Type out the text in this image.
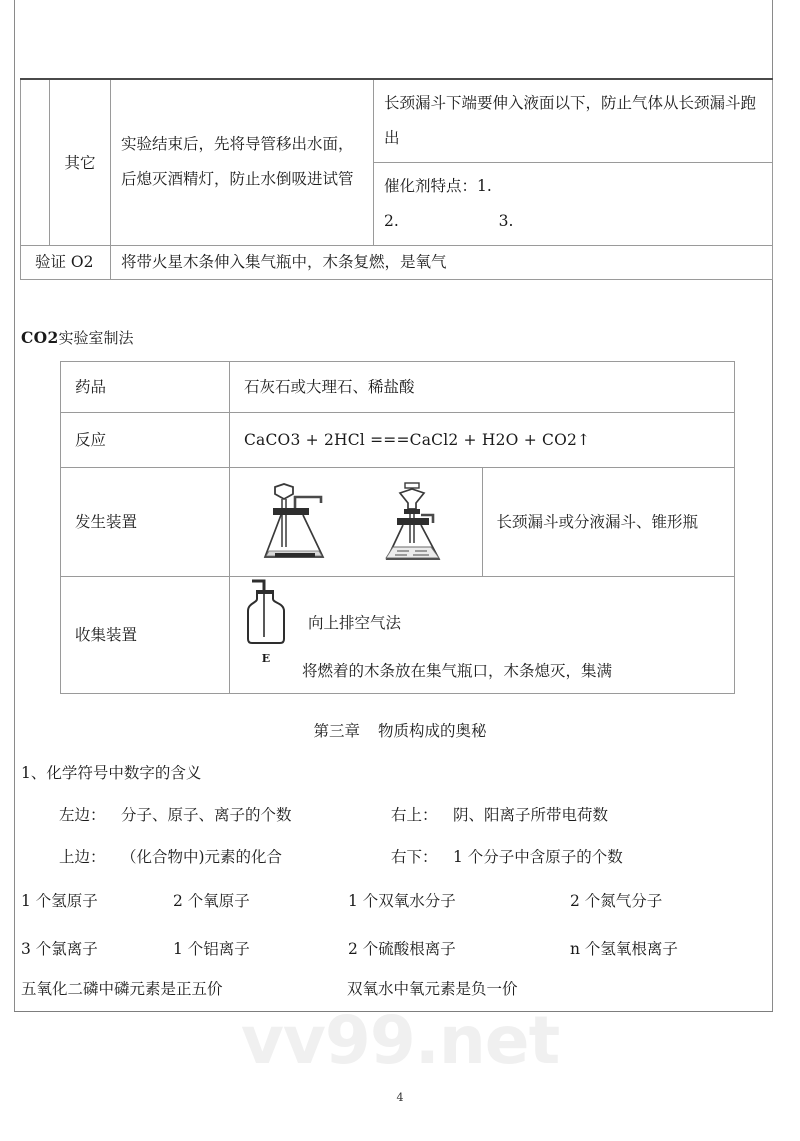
	其它	实验结束后，先将导管移出水面，后熄灭酒精灯，防止水倒吸进试管	长颈漏斗下端要伸入液面以下，防止气体从长颈漏斗跑出

			催化剂特点：1.
2. 3.

验证 O2		将带火星木条伸入集气瓶中，木条复燃，是氧气	
CO2实验室制法
药品	石灰石或大理石、稀盐酸	
反应	CaCO3 + 2HCl ===CaCl2 + H2O + CO2↑	
发生装置		长颈漏斗或分液漏斗、锥形瓶
收集装置	E
向上排空气法
将燃着的木条放在集气瓶口，木条熄灭，集满	
第三章 物质构成的奥秘
1、化学符号中数字的含义
左边： 分子、原子、离子的个数	右上： 阴、阳离子所带电荷数
上边： （化合物中)元素的化合	右下： 1 个分子中含原子的个数
1 个氢原子	2 个氧原子	1 个双氧水分子	2 个氮气分子
3 个氯离子	1 个铝离子	2 个硫酸根离子	n 个氢氧根离子
五氧化二磷中磷元素是正五价	双氧水中氧元素是负一价
vv99.net
4
